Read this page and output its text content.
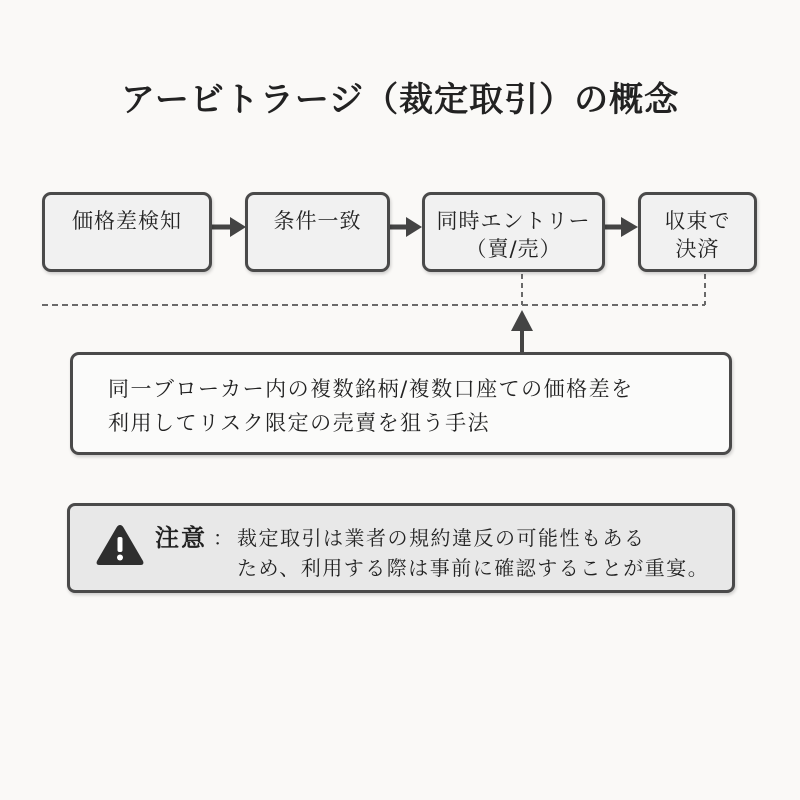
アービトラージ（裁定取引）の概念
価格差検知	条件一致	同時エントリー
（賣/売）
収束で
決済
同一ブローカー内の複数銘柄/複数口座ての価格差を
利用してリスク限定の売賣を狙う手法
注意 ： 裁定取引は業者の規約違反の可能性もある
ため、利用する際は事前に確認することが重宴。
